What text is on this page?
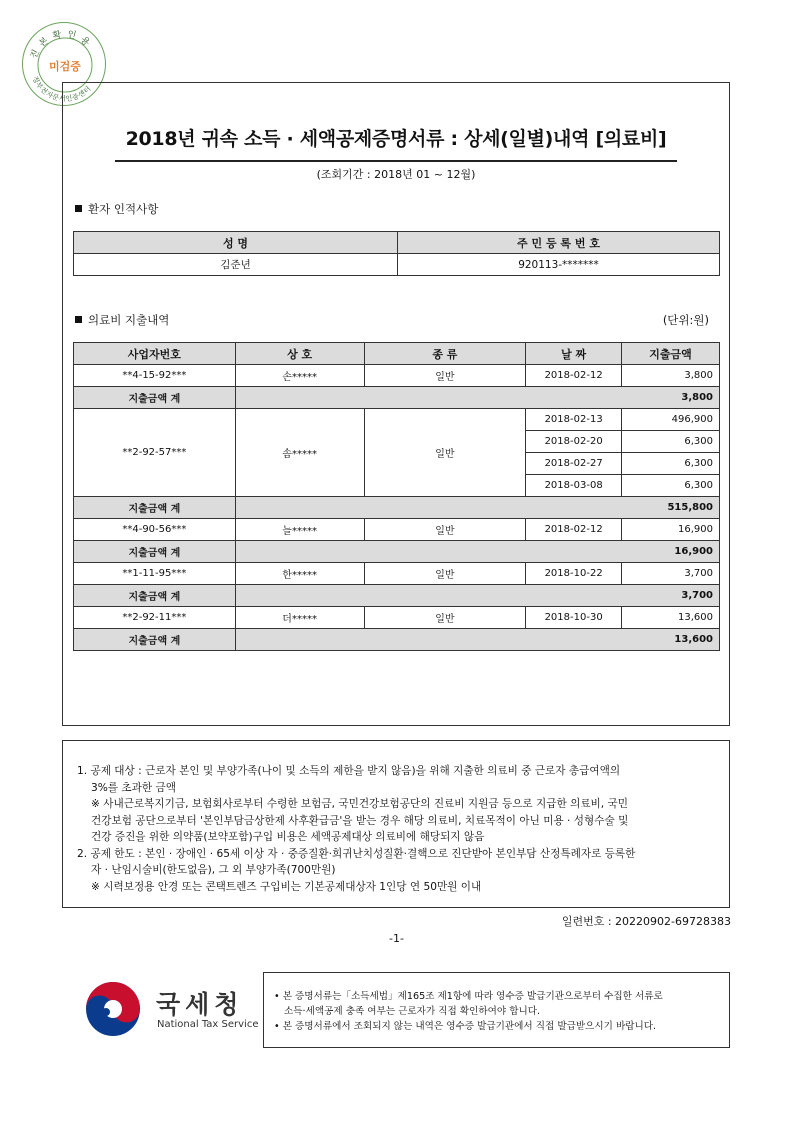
진본확인용
정부전자문서인증센터
미검증
2018년 귀속 소득 · 세액공제증명서류 : 상세(일별)내역 [의료비]
(조회기간 : 2018년 01 ~ 12월)
환자 인적사항
성 명	주 민 등 록 번 호
김준년	920113-*******
의료비 지출내역	(단위:원)
사업자번호	상 호	종 류	날 짜	지출금액
**4-15-92***	손*****	일반	2018-02-12	3,800
지출금액 계	3,800			
**2-92-57***	솜*****	일반	2018-02-13	496,900
			2018-02-20	6,300
			2018-02-27	6,300
			2018-03-08	6,300
지출금액 계	515,800			
**4-90-56***	늘*****	일반	2018-02-12	16,900
지출금액 계	16,900			
**1-11-95***	한*****	일반	2018-10-22	3,700
지출금액 계	3,700			
**2-92-11***	더*****	일반	2018-10-30	13,600
지출금액 계	13,600			

1. 공제 대상 : 근로자 본인 및 부양가족(나이 및 소득의 제한을 받지 않음)을 위해 지출한 의료비 중 근로자 총급여액의

3%를 초과한 금액

※ 사내근로복지기금, 보험회사로부터 수령한 보험금, 국민건강보험공단의 진료비 지원금 등으로 지급한 의료비, 국민

건강보험 공단으로부터 '본인부담금상한제 사후환급금'을 받는 경우 해당 의료비, 치료목적이 아닌 미용 · 성형수술 및

건강 증진을 위한 의약품(보약포함)구입 비용은 세액공제대상 의료비에 해당되지 않음

2. 공제 한도 : 본인 · 장애인 · 65세 이상 자 · 중증질환·희귀난치성질환·결핵으로 진단받아 본인부담 산정특례자로 등록한

자 · 난임시술비(한도없음), 그 외 부양가족(700만원)

※ 시력보정용 안경 또는 콘택트렌즈 구입비는 기본공제대상자 1인당 연 50만원 이내

일련번호 : 20220902-69728383
-1-
국세청
National Tax Service

• 본 증명서류는「소득세법」제165조 제1항에 따라 영수증 발급기관으로부터 수집한 서류로

소득·세액공제 충족 여부는 근로자가 직접 확인하여야 합니다.

• 본 증명서류에서 조회되지 않는 내역은 영수증 발급기관에서 직접 발급받으시기 바랍니다.
